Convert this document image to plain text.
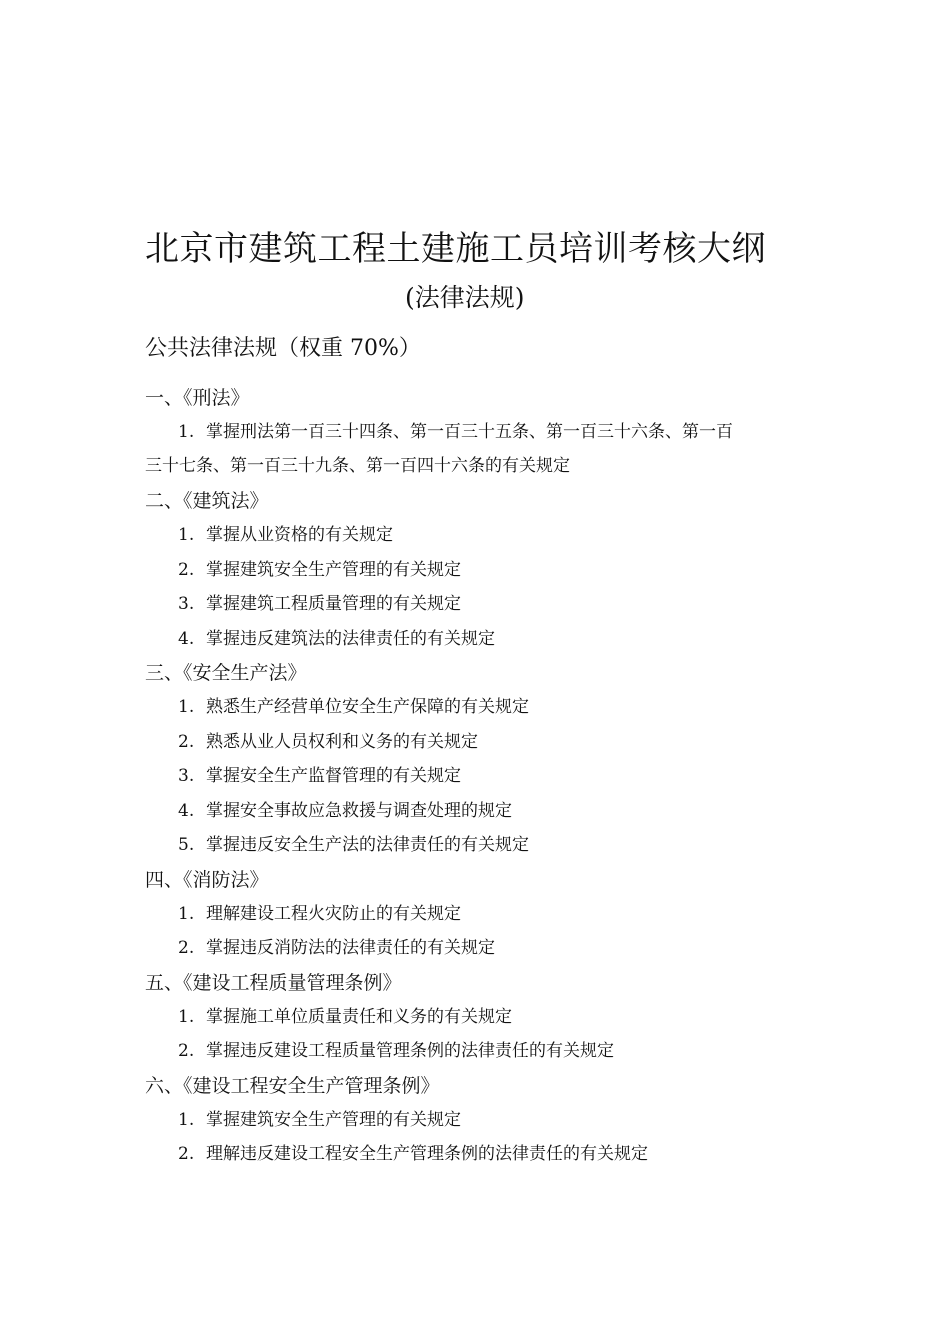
北京市建筑工程土建施工员培训考核大纲
(法律法规)
公共法律法规（权重 70%）
一、《刑法》
1. 掌握刑法第一百三十四条、第一百三十五条、第一百三十六条、第一百
三十七条、第一百三十九条、第一百四十六条的有关规定
二、《建筑法》
1. 掌握从业资格的有关规定
2. 掌握建筑安全生产管理的有关规定
3. 掌握建筑工程质量管理的有关规定
4. 掌握违反建筑法的法律责任的有关规定
三、《安全生产法》
1. 熟悉生产经营单位安全生产保障的有关规定
2. 熟悉从业人员权利和义务的有关规定
3. 掌握安全生产监督管理的有关规定
4. 掌握安全事故应急救援与调查处理的规定
5. 掌握违反安全生产法的法律责任的有关规定
四、《消防法》
1. 理解建设工程火灾防止的有关规定
2. 掌握违反消防法的法律责任的有关规定
五、《建设工程质量管理条例》
1. 掌握施工单位质量责任和义务的有关规定
2. 掌握违反建设工程质量管理条例的法律责任的有关规定
六、《建设工程安全生产管理条例》
1. 掌握建筑安全生产管理的有关规定
2. 理解违反建设工程安全生产管理条例的法律责任的有关规定
